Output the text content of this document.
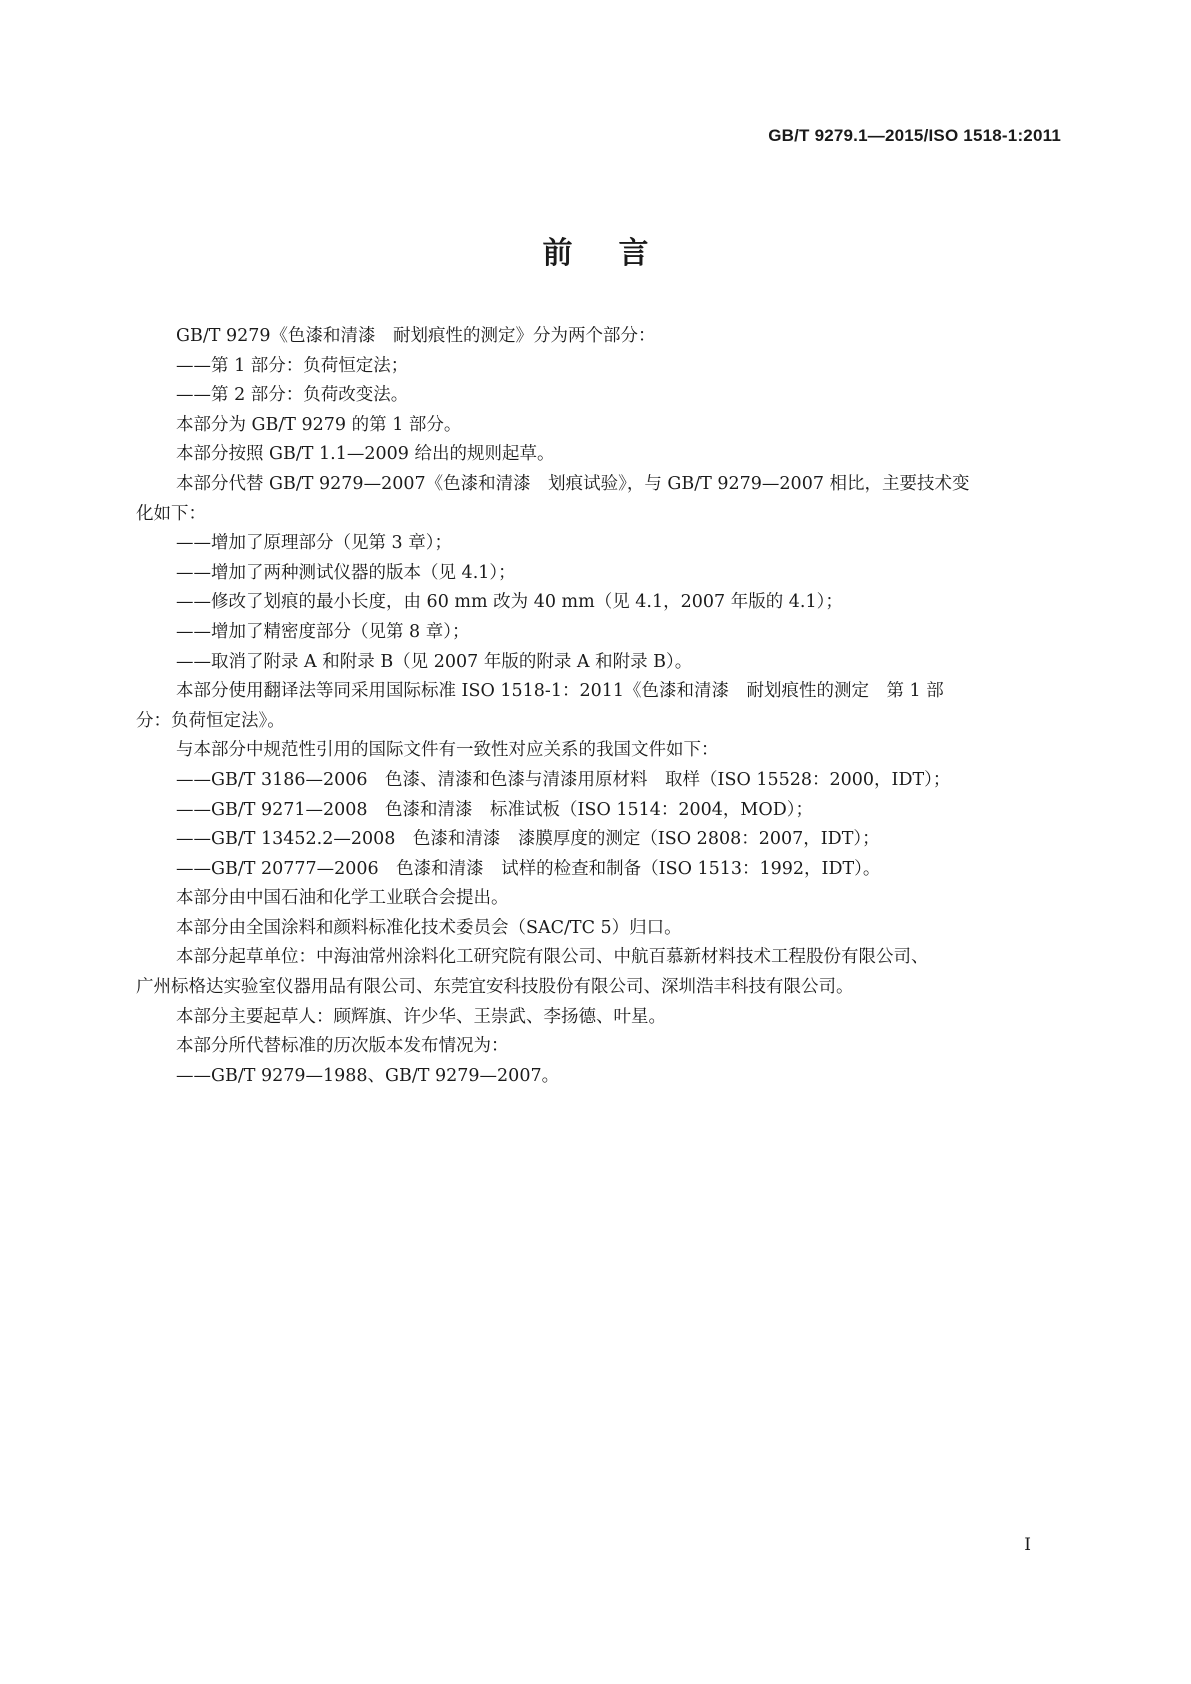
GB/T 9279.1—2015/ISO 1518-1:2011
前言
GB/T 9279《色漆和清漆　耐划痕性的测定》分为两个部分：
——第 1 部分：负荷恒定法；
——第 2 部分：负荷改变法。
本部分为 GB/T 9279 的第 1 部分。
本部分按照 GB/T 1.1—2009 给出的规则起草。
本部分代替 GB/T 9279—2007《色漆和清漆　划痕试验》，与 GB/T 9279—2007 相比，主要技术变
化如下：
——增加了原理部分（见第 3 章）；
——增加了两种测试仪器的版本（见 4.1）；
——修改了划痕的最小长度，由 60 mm 改为 40 mm（见 4.1，2007 年版的 4.1）；
——增加了精密度部分（见第 8 章）；
——取消了附录 A 和附录 B（见 2007 年版的附录 A 和附录 B）。
本部分使用翻译法等同采用国际标准 ISO 1518-1：2011《色漆和清漆　耐划痕性的测定　第 1 部
分：负荷恒定法》。
与本部分中规范性引用的国际文件有一致性对应关系的我国文件如下：
——GB/T 3186—2006　色漆、清漆和色漆与清漆用原材料　取样（ISO 15528：2000，IDT）；
——GB/T 9271—2008　色漆和清漆　标准试板（ISO 1514：2004，MOD）；
——GB/T 13452.2—2008　色漆和清漆　漆膜厚度的测定（ISO 2808：2007，IDT）；
——GB/T 20777—2006　色漆和清漆　试样的检查和制备（ISO 1513：1992，IDT）。
本部分由中国石油和化学工业联合会提出。
本部分由全国涂料和颜料标准化技术委员会（SAC/TC 5）归口。
本部分起草单位：中海油常州涂料化工研究院有限公司、中航百慕新材料技术工程股份有限公司、
广州标格达实验室仪器用品有限公司、东莞宜安科技股份有限公司、深圳浩丰科技有限公司。
本部分主要起草人：顾辉旗、许少华、王崇武、李扬德、叶星。
本部分所代替标准的历次版本发布情况为：
——GB/T 9279—1988、GB/T 9279—2007。
I
